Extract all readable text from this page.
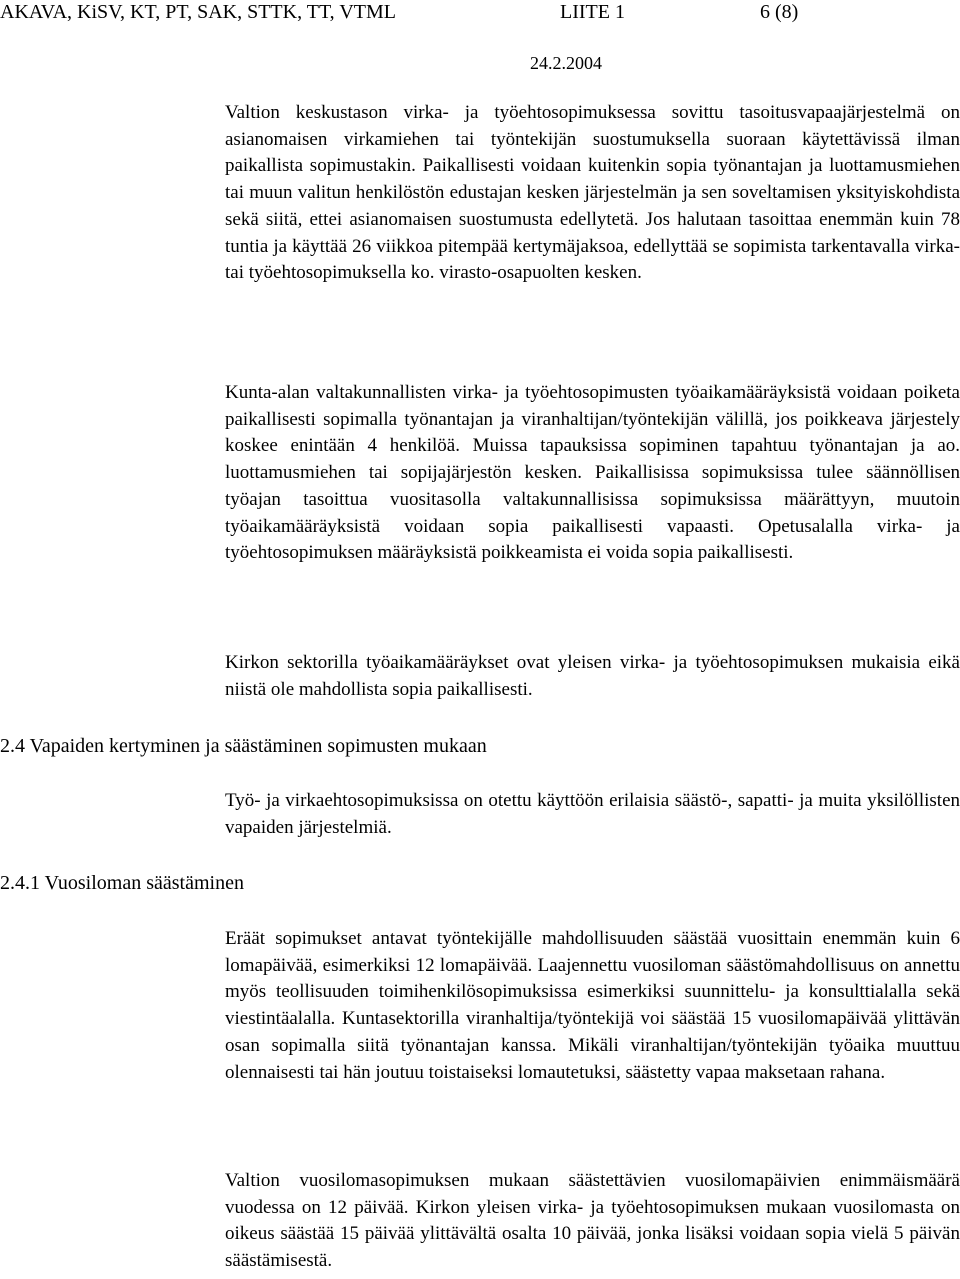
AKAVA, KiSV, KT, PT, SAK, STTK, TT, VTML	LIITE 1	6 (8)
24.2.2004

Valtion keskustason virka- ja työehtosopimuksessa sovittu tasoitusvapaajärjestelmä on asianomaisen virkamiehen tai työntekijän suostumuksella suoraan käytettävissä ilman paikallista sopimustakin. Paikallisesti voidaan kuitenkin sopia työnantajan ja luottamusmiehen tai muun valitun henkilöstön edustajan kesken järjestelmän ja sen soveltamisen yksityiskohdista sekä siitä, ettei asianomaisen suostumusta edellytetä. Jos halutaan tasoittaa enemmän kuin 78 tuntia ja käyttää 26 viikkoa pitempää kertymäjaksoa, edellyttää se sopimista tarkentavalla virka- tai työehtosopimuksella ko. virasto-osapuolten kesken.

Kunta-alan valtakunnallisten virka- ja työehtosopimusten työaikamääräyksistä voidaan poiketa paikallisesti sopimalla työnantajan ja viranhaltijan/työntekijän välillä, jos poikkeava järjestely koskee enintään 4 henkilöä. Muissa tapauksissa sopiminen tapahtuu työnantajan ja ao. luottamusmiehen tai sopijajärjestön kesken. Paikallisissa sopimuksissa tulee säännöllisen työajan tasoittua vuositasolla valtakunnallisissa sopimuksissa määrättyyn, muutoin työaikamääräyksistä voidaan sopia paikallisesti vapaasti. Opetusalalla virka- ja työehtosopimuksen määräyksistä poikkeamista ei voida sopia paikallisesti.

Kirkon sektorilla työaikamääräykset ovat yleisen virka- ja työehtosopimuksen mukaisia eikä niistä ole mahdollista sopia paikallisesti.

2.4 Vapaiden kertyminen ja säästäminen sopimusten mukaan

Työ- ja virkaehtosopimuksissa on otettu käyttöön erilaisia säästö-, sapatti- ja muita yksilöllisten vapaiden järjestelmiä.

2.4.1 Vuosiloman säästäminen

Eräät sopimukset antavat työntekijälle mahdollisuuden säästää vuosittain enemmän kuin 6 lomapäivää, esimerkiksi 12 lomapäivää. Laajennettu vuosiloman säästömahdollisuus on annettu myös teollisuuden toimihenkilösopimuksissa esimerkiksi suunnittelu- ja konsulttialalla sekä viestintäalalla. Kuntasektorilla viranhaltija/työntekijä voi säästää 15 vuosilomapäivää ylittävän osan sopimalla siitä työnantajan kanssa. Mikäli viranhaltijan/työntekijän työaika muuttuu olennaisesti tai hän joutuu toistaiseksi lomautetuksi, säästetty vapaa maksetaan rahana.

Valtion vuosilomasopimuksen mukaan säästettävien vuosilomapäivien enimmäismäärä vuodessa on 12 päivää. Kirkon yleisen virka- ja työehtosopimuksen mukaan vuosilomasta on oikeus säästää 15 päivää ylittävältä osalta 10 päivää, jonka lisäksi voidaan sopia vielä 5 päivän säästämisestä.
